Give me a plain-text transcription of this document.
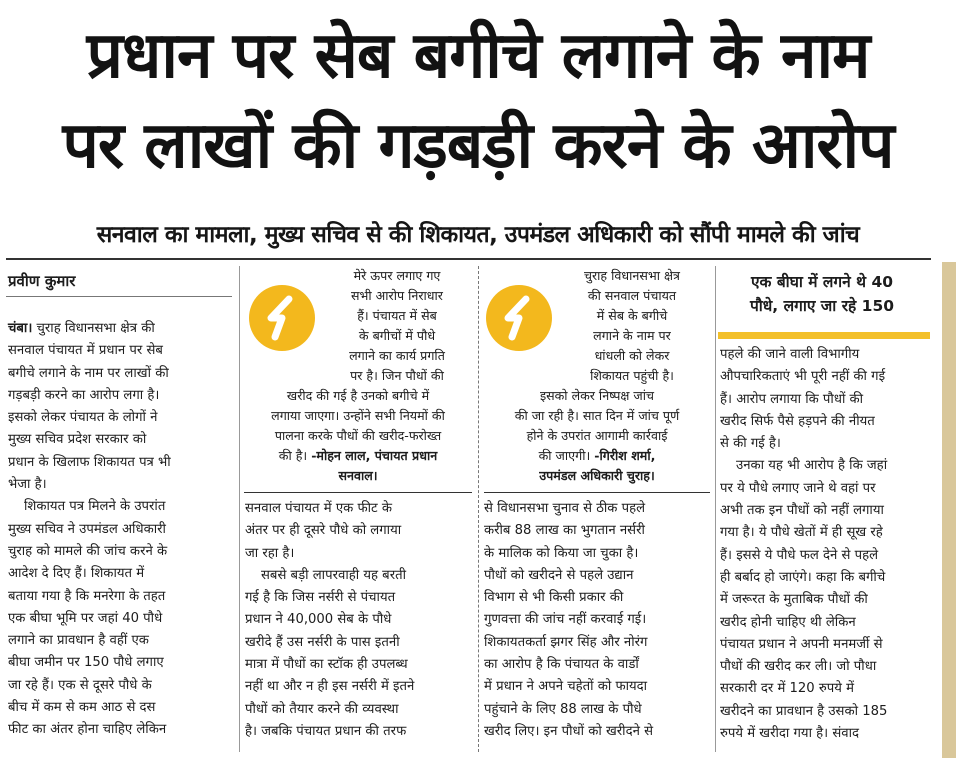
प्रधान पर सेब बगीचे लगाने के नाम
पर लाखों की गड़बड़ी करने के आरोप
सनवाल का मामला, मुख्य सचिव से की शिकायत, उपमंडल अधिकारी को सौंपी मामले की जांच
प्रवीण कुमार

चंबा। चुराह विधानसभा क्षेत्र की

सनवाल पंचायत में प्रधान पर सेब

बगीचे लगाने के नाम पर लाखों की

गड़बड़ी करने का आरोप लगा है।

इसको लेकर पंचायत के लोगों ने

मुख्य सचिव प्रदेश सरकार को

प्रधान के खिलाफ शिकायत पत्र भी

भेजा है।

शिकायत पत्र मिलने के उपरांत

मुख्य सचिव ने उपमंडल अधिकारी

चुराह को मामले की जांच करने के

आदेश दे दिए हैं। शिकायत में

बताया गया है कि मनरेगा के तहत

एक बीघा भूमि पर जहां 40 पौधे

लगाने का प्रावधान है वहीं एक

बीघा जमीन पर 150 पौधे लगाए

जा रहे हैं। एक से दूसरे पौधे के

बीच में कम से कम आठ से दस

फीट का अंतर होना चाहिए लेकिन

मेरे ऊपर लगाए गए
सभी आरोप निराधार
हैं। पंचायत में सेब
के बगीचों में पौधे
लगाने का कार्य प्रगति
पर है। जिन पौधों की
खरीद की गई है उनको बगीचे में
लगाया जाएगा। उन्होंने सभी नियमों की
पालना करके पौधों की खरीद-फरोख्त
की है। -मोहन लाल, पंचायत प्रधान
सनवाल।

सनवाल पंचायत में एक फीट के

अंतर पर ही दूसरे पौधे को लगाया

जा रहा है।

सबसे बड़ी लापरवाही यह बरती

गई है कि जिस नर्सरी से पंचायत

प्रधान ने 40,000 सेब के पौधे

खरीदे हैं उस नर्सरी के पास इतनी

मात्रा में पौधों का स्टॉक ही उपलब्ध

नहीं था और न ही इस नर्सरी में इतने

पौधों को तैयार करने की व्यवस्था

है। जबकि पंचायत प्रधान की तरफ

चुराह विधानसभा क्षेत्र
की सनवाल पंचायत
में सेब के बगीचे
लगाने के नाम पर
धांधली को लेकर
शिकायत पहुंची है।
इसको लेकर निष्पक्ष जांच
की जा रही है। सात दिन में जांच पूर्ण
होने के उपरांत आगामी कार्रवाई
की जाएगी। -गिरीश शर्मा,
उपमंडल अधिकारी चुराह।

से विधानसभा चुनाव से ठीक पहले

करीब 88 लाख का भुगतान नर्सरी

के मालिक को किया जा चुका है।

पौधों को खरीदने से पहले उद्यान

विभाग से भी किसी प्रकार की

गुणवत्ता की जांच नहीं करवाई गई।

शिकायतकर्ता झगर सिंह और नोरंग

का आरोप है कि पंचायत के वार्डों

में प्रधान ने अपने चहेतों को फायदा

पहुंचाने के लिए 88 लाख के पौधे

खरीद लिए। इन पौधों को खरीदने से

एक बीघा में लगने थे 40
पौधे, लगाए जा रहे 150

पहले की जाने वाली विभागीय

औपचारिकताएं भी पूरी नहीं की गई

हैं। आरोप लगाया कि पौधों की

खरीद सिर्फ पैसे हड़पने की नीयत

से की गई है।

उनका यह भी आरोप है कि जहां

पर ये पौधे लगाए जाने थे वहां पर

अभी तक इन पौधों को नहीं लगाया

गया है। ये पौधे खेतों में ही सूख रहे

हैं। इससे ये पौधे फल देने से पहले

ही बर्बाद हो जाएंगे। कहा कि बगीचे

में जरूरत के मुताबिक पौधों की

खरीद होनी चाहिए थी लेकिन

पंचायत प्रधान ने अपनी मनमर्जी से

पौधों की खरीद कर ली। जो पौधा

सरकारी दर में 120 रुपये में

खरीदने का प्रावधान है उसको 185

रुपये में खरीदा गया है। संवाद
